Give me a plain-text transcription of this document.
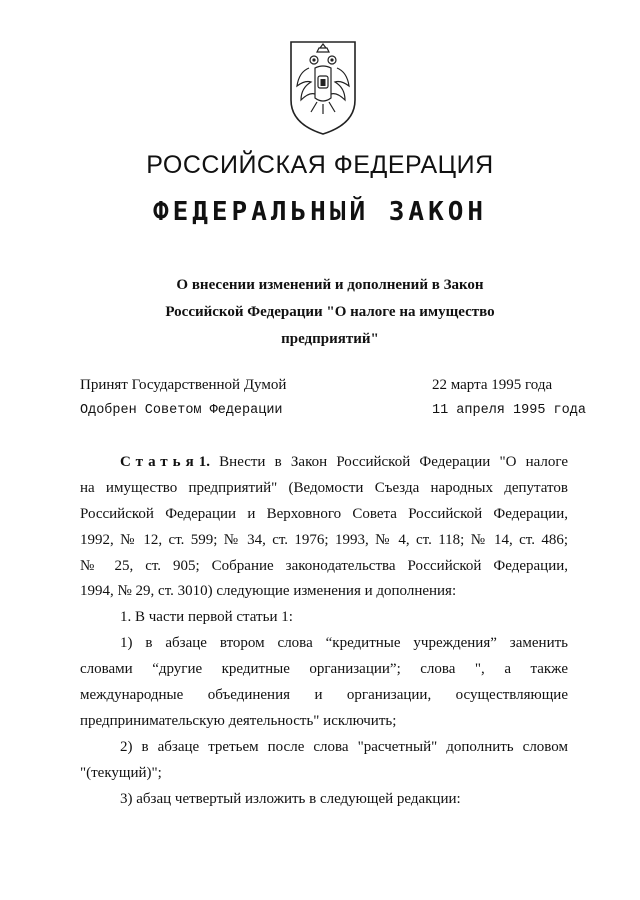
РОССИЙСКАЯ ФЕДЕРАЦИЯ
ФЕДЕРАЛЬНЫЙ ЗАКОН
О внесении изменений и дополнений в Закон
Российской Федерации "О налоге на имущество
предприятий"
Принят Государственной Думой	22 марта 1995 года
Одобрен Советом Федерации	11 апреля 1995 года
Статья1. Внести в Закон Российской Федерации "О налоге
на имущество предприятий" (Ведомости Съезда народных депутатов
Российской Федерации и Верховного Совета Российской Федерации,
1992, № 12, ст. 599; № 34, ст. 1976; 1993, № 4, ст. 118; № 14, ст. 486;
№ 25, ст. 905; Собрание законодательства Российской Федерации,
1994, № 29, ст. 3010) следующие изменения и дополнения:
1. В части первой статьи 1:
1) в абзаце втором слова “кредитные учреждения” заменить
словами “другие кредитные организации”; слова ", а также
международные объединения и организации, осуществляющие
предпринимательскую деятельность" исключить;
2) в абзаце третьем после слова "расчетный" дополнить словом
"(текущий)";
3) абзац четвертый изложить в следующей редакции:
